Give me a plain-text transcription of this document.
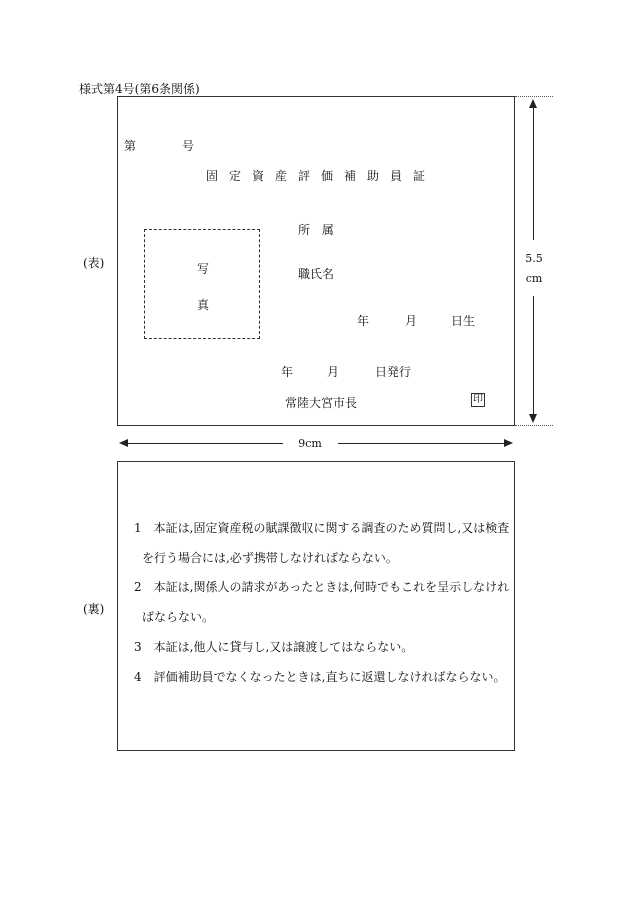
様式第4号(第6条関係)
(表)
(裏)
第	号
固定資産評価補助員証
写
真
所 属
職氏名
年	月	日生
年	月	日発行
常陸大宮市長	印
5.5
cm
9cm
1　本証は,固定資産税の賦課徴収に関する調査のため質問し,又は検査
を行う場合には,必ず携帯しなければならない。
2　本証は,関係人の請求があったときは,何時でもこれを呈示しなけれ
ばならない。
3　本証は,他人に貸与し,又は譲渡してはならない。
4　評価補助員でなくなったときは,直ちに返還しなければならない。
